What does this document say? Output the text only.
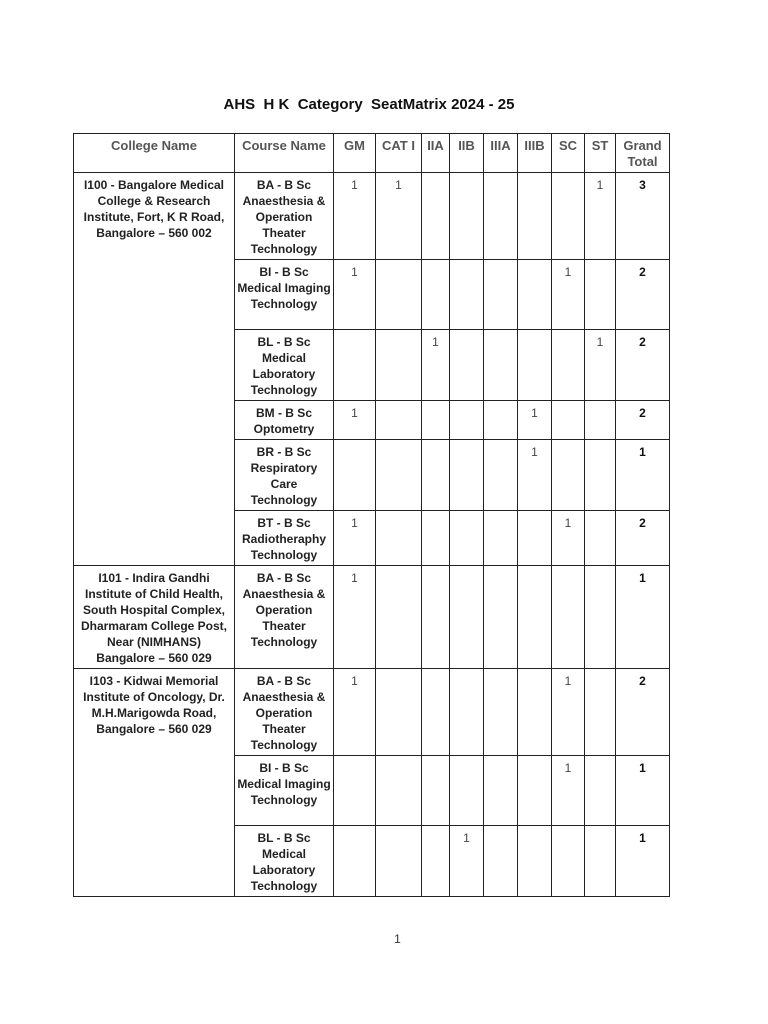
AHS  H K  Category  SeatMatrix 2024 - 25
College Name	Course Name	GM	CAT I	IIA	IIB	IIIA	IIIB	SC	ST	Grand Total
I100 - Bangalore Medical College & Research Institute, Fort, K R Road, Bangalore – 560 002	BA - B Sc Anaesthesia & Operation Theater Technology	1	1						1	3
	BI - B Sc Medical Imaging Technology	1						1		2
	BL - B Sc Medical Laboratory Technology			1					1	2
	BM - B Sc Optometry	1					1			2
	BR - B Sc Respiratory Care Technology						1			1
	BT - B Sc Radiotheraphy Technology	1						1		2
I101 - Indira Gandhi Institute of Child Health, South Hospital Complex, Dharmaram College Post, Near (NIMHANS) Bangalore – 560 029	BA - B Sc Anaesthesia & Operation Theater Technology	1								1
I103 - Kidwai Memorial Institute of Oncology, Dr. M.H.Marigowda Road, Bangalore – 560 029	BA - B Sc Anaesthesia & Operation Theater Technology	1						1		2
	BI - B Sc Medical Imaging Technology							1		1
	BL - B Sc Medical Laboratory Technology				1					1
1
